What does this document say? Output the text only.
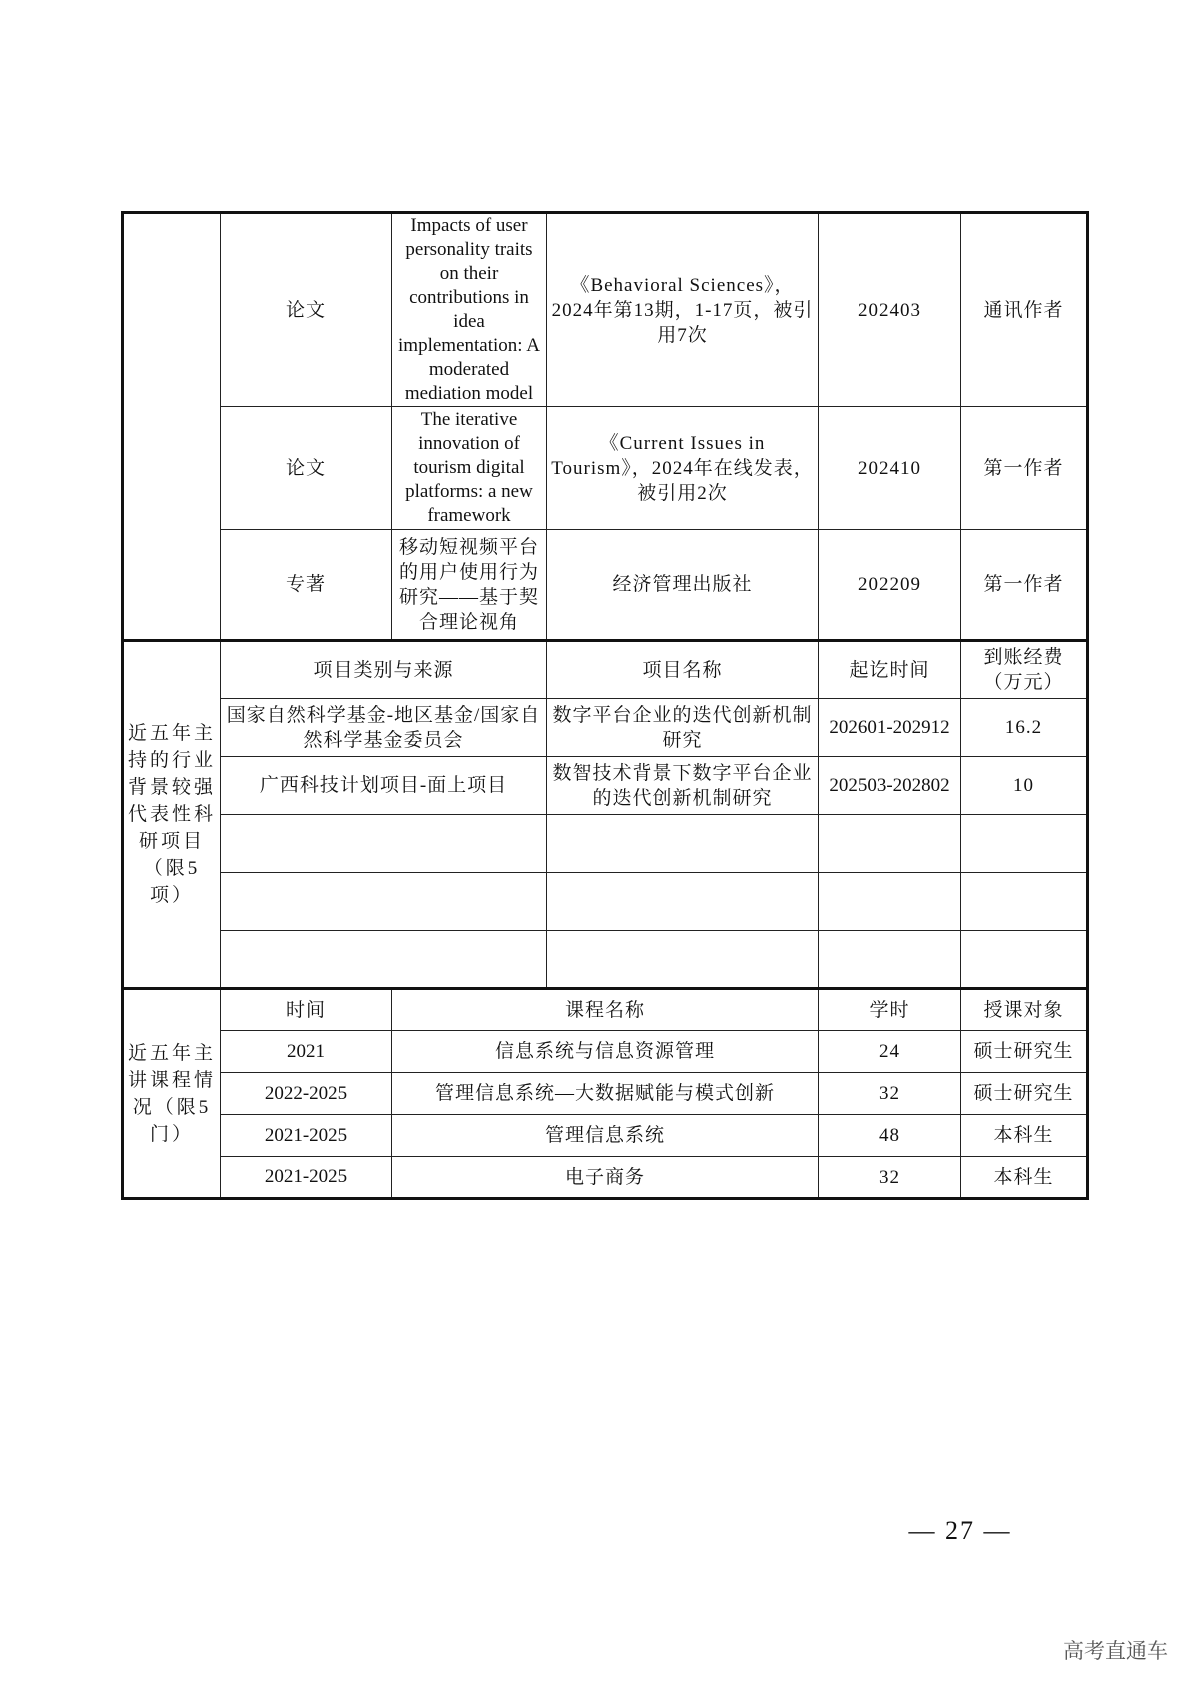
	论文	Impacts of user personality traits on their contributions in idea implementation: A moderated mediation model	《Behavioral Sciences》，2024年第13期，1-17页，被引用7次	202403	通讯作者
	论文	The iterative innovation of tourism digital platforms: a new framework	《Current Issues in Tourism》，2024年在线发表，被引用2次	202410	第一作者
	专著	移动短视频平台的用户使用行为研究——基于契合理论视角	经济管理出版社	202209	第一作者
近五年主持的行业背景较强代表性科研项目（限5项）	项目类别与来源		项目名称	起讫时间	到账经费（万元）
	国家自然科学基金-地区基金/国家自然科学基金委员会		数字平台企业的迭代创新机制研究	202601-202912	16.2
	广西科技计划项目-面上项目		数智技术背景下数字平台企业的迭代创新机制研究	202503-202802	10

近五年主讲课程情况（限5门）	时间	课程名称		学时	授课对象
	2021	信息系统与信息资源管理		24	硕士研究生
	2022-2025	管理信息系统—大数据赋能与模式创新		32	硕士研究生
	2021-2025	管理信息系统		48	本科生
	2021-2025	电子商务		32	本科生
— 27 —
高考直通车
